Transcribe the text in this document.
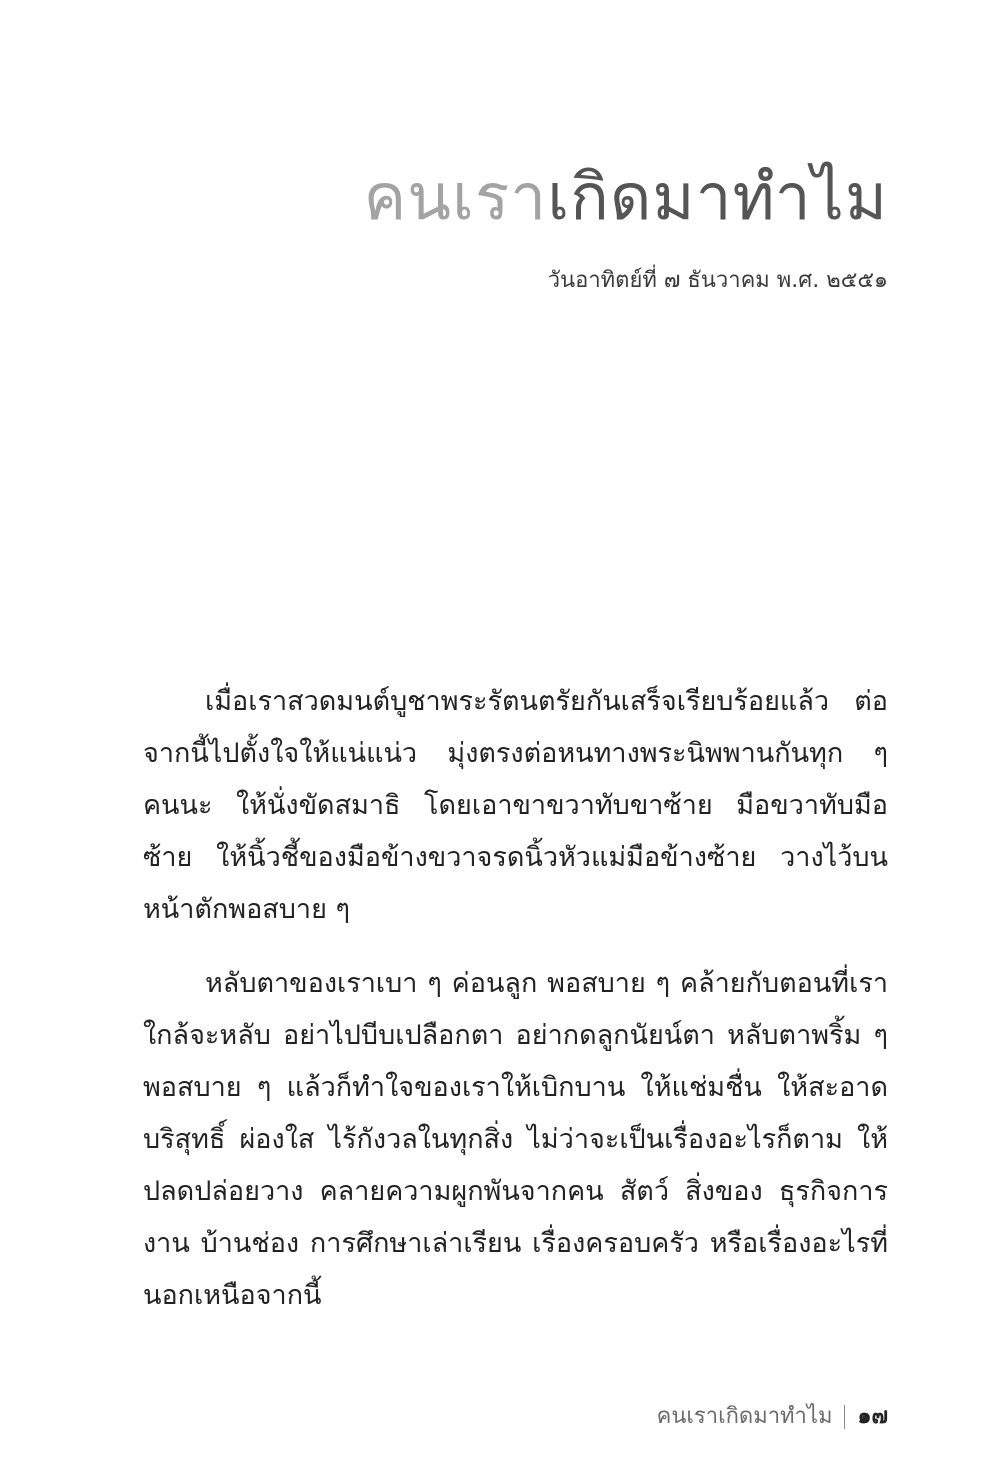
คนเราเกิดมาทำไม
วันอาทิตย์ที่ ๗ ธันวาคม พ.ศ. ๒๕๕๑

เมื่อเราสวดมนต์บูชาพระรัตนตรัยกันเสร็จเรียบร้อยแล้ว ต่อจากนี้ไปตั้งใจให้แน่แน่ว มุ่งตรงต่อหนทางพระนิพพานกันทุก ๆ คนนะ ให้นั่งขัดสมาธิ โดยเอาขาขวาทับขาซ้าย มือขวาทับมือซ้าย ให้นิ้วชี้ของมือข้างขวาจรดนิ้วหัวแม่มือข้างซ้าย วางไว้บนหน้าตักพอสบาย ๆ

หลับตาของเราเบา ๆ ค่อนลูก พอสบาย ๆ คล้ายกับตอนที่เราใกล้จะหลับ อย่าไปบีบเปลือกตา อย่ากดลูกนัยน์ตา หลับตาพริ้ม ๆ พอสบาย ๆ แล้วก็ทำใจของเราให้เบิกบาน ให้แช่มชื่น ให้สะอาด บริสุทธิ์ ผ่องใส ไร้กังวลในทุกสิ่ง ไม่ว่าจะเป็นเรื่องอะไรก็ตาม ให้ปลดปล่อยวาง คลายความผูกพันจากคน สัตว์ สิ่งของ ธุรกิจการงาน บ้านช่อง การศึกษาเล่าเรียน เรื่องครอบครัว หรือเรื่องอะไรที่นอกเหนือจากนี้

คนเราเกิดมาทำไม ๑๗
